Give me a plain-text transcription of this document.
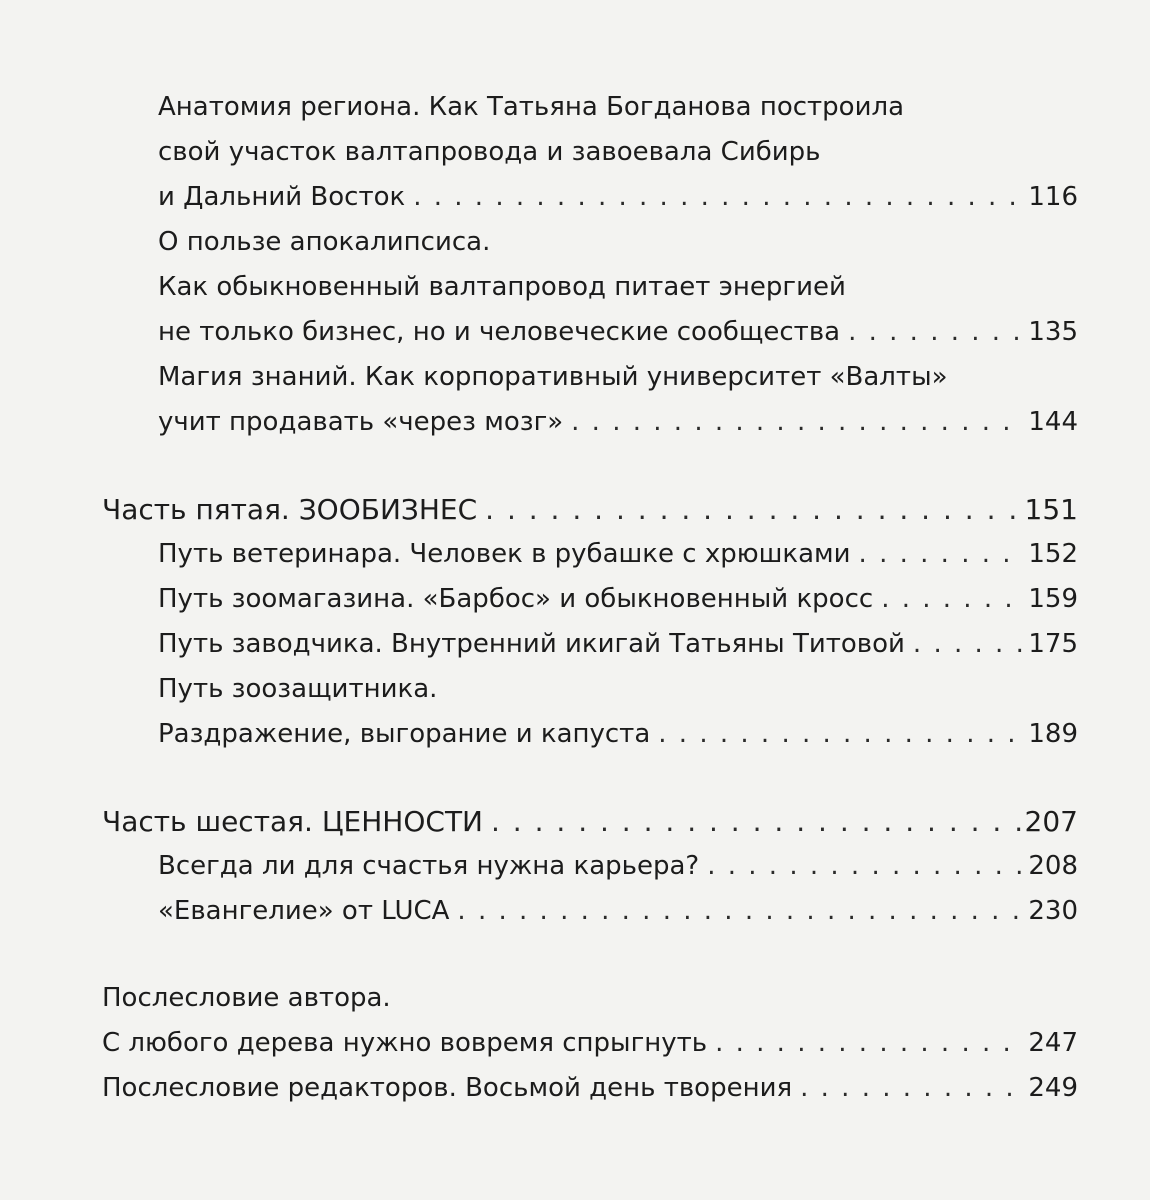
Анатомия региона. Как Татьяна Богданова построила
свой участок валтапровода и завоевала Сибирь
и Дальний Восток . . .	116
О пользе апокалипсиса.
Как обыкновенный валтапровод питает энергией
не только бизнес, но и человеческие сообщества . . .	135
Магия знаний. Как корпоративный университет «Валты»
учит продавать «через мозг» . . .	144
Часть пятая. ЗООБИЗНЕС . . .	151
Путь ветеринара. Человек в рубашке с хрюшками . . .	152
Путь зоомагазина. «Барбос» и обыкновенный кросс . . .	159
Путь заводчика. Внутренний икигай Татьяны Титовой . . .	175
Путь зоозащитника.
Раздражение, выгорание и капуста . . .	189
Часть шестая. ЦЕННОСТИ . . .	207
Всегда ли для счастья нужна карьера? . . .	208
«Евангелие» от LUCA . . .	230
Послесловие автора.
С любого дерева нужно вовремя спрыгнуть . . .	247
Послесловие редакторов. Восьмой день творения . . .	249
